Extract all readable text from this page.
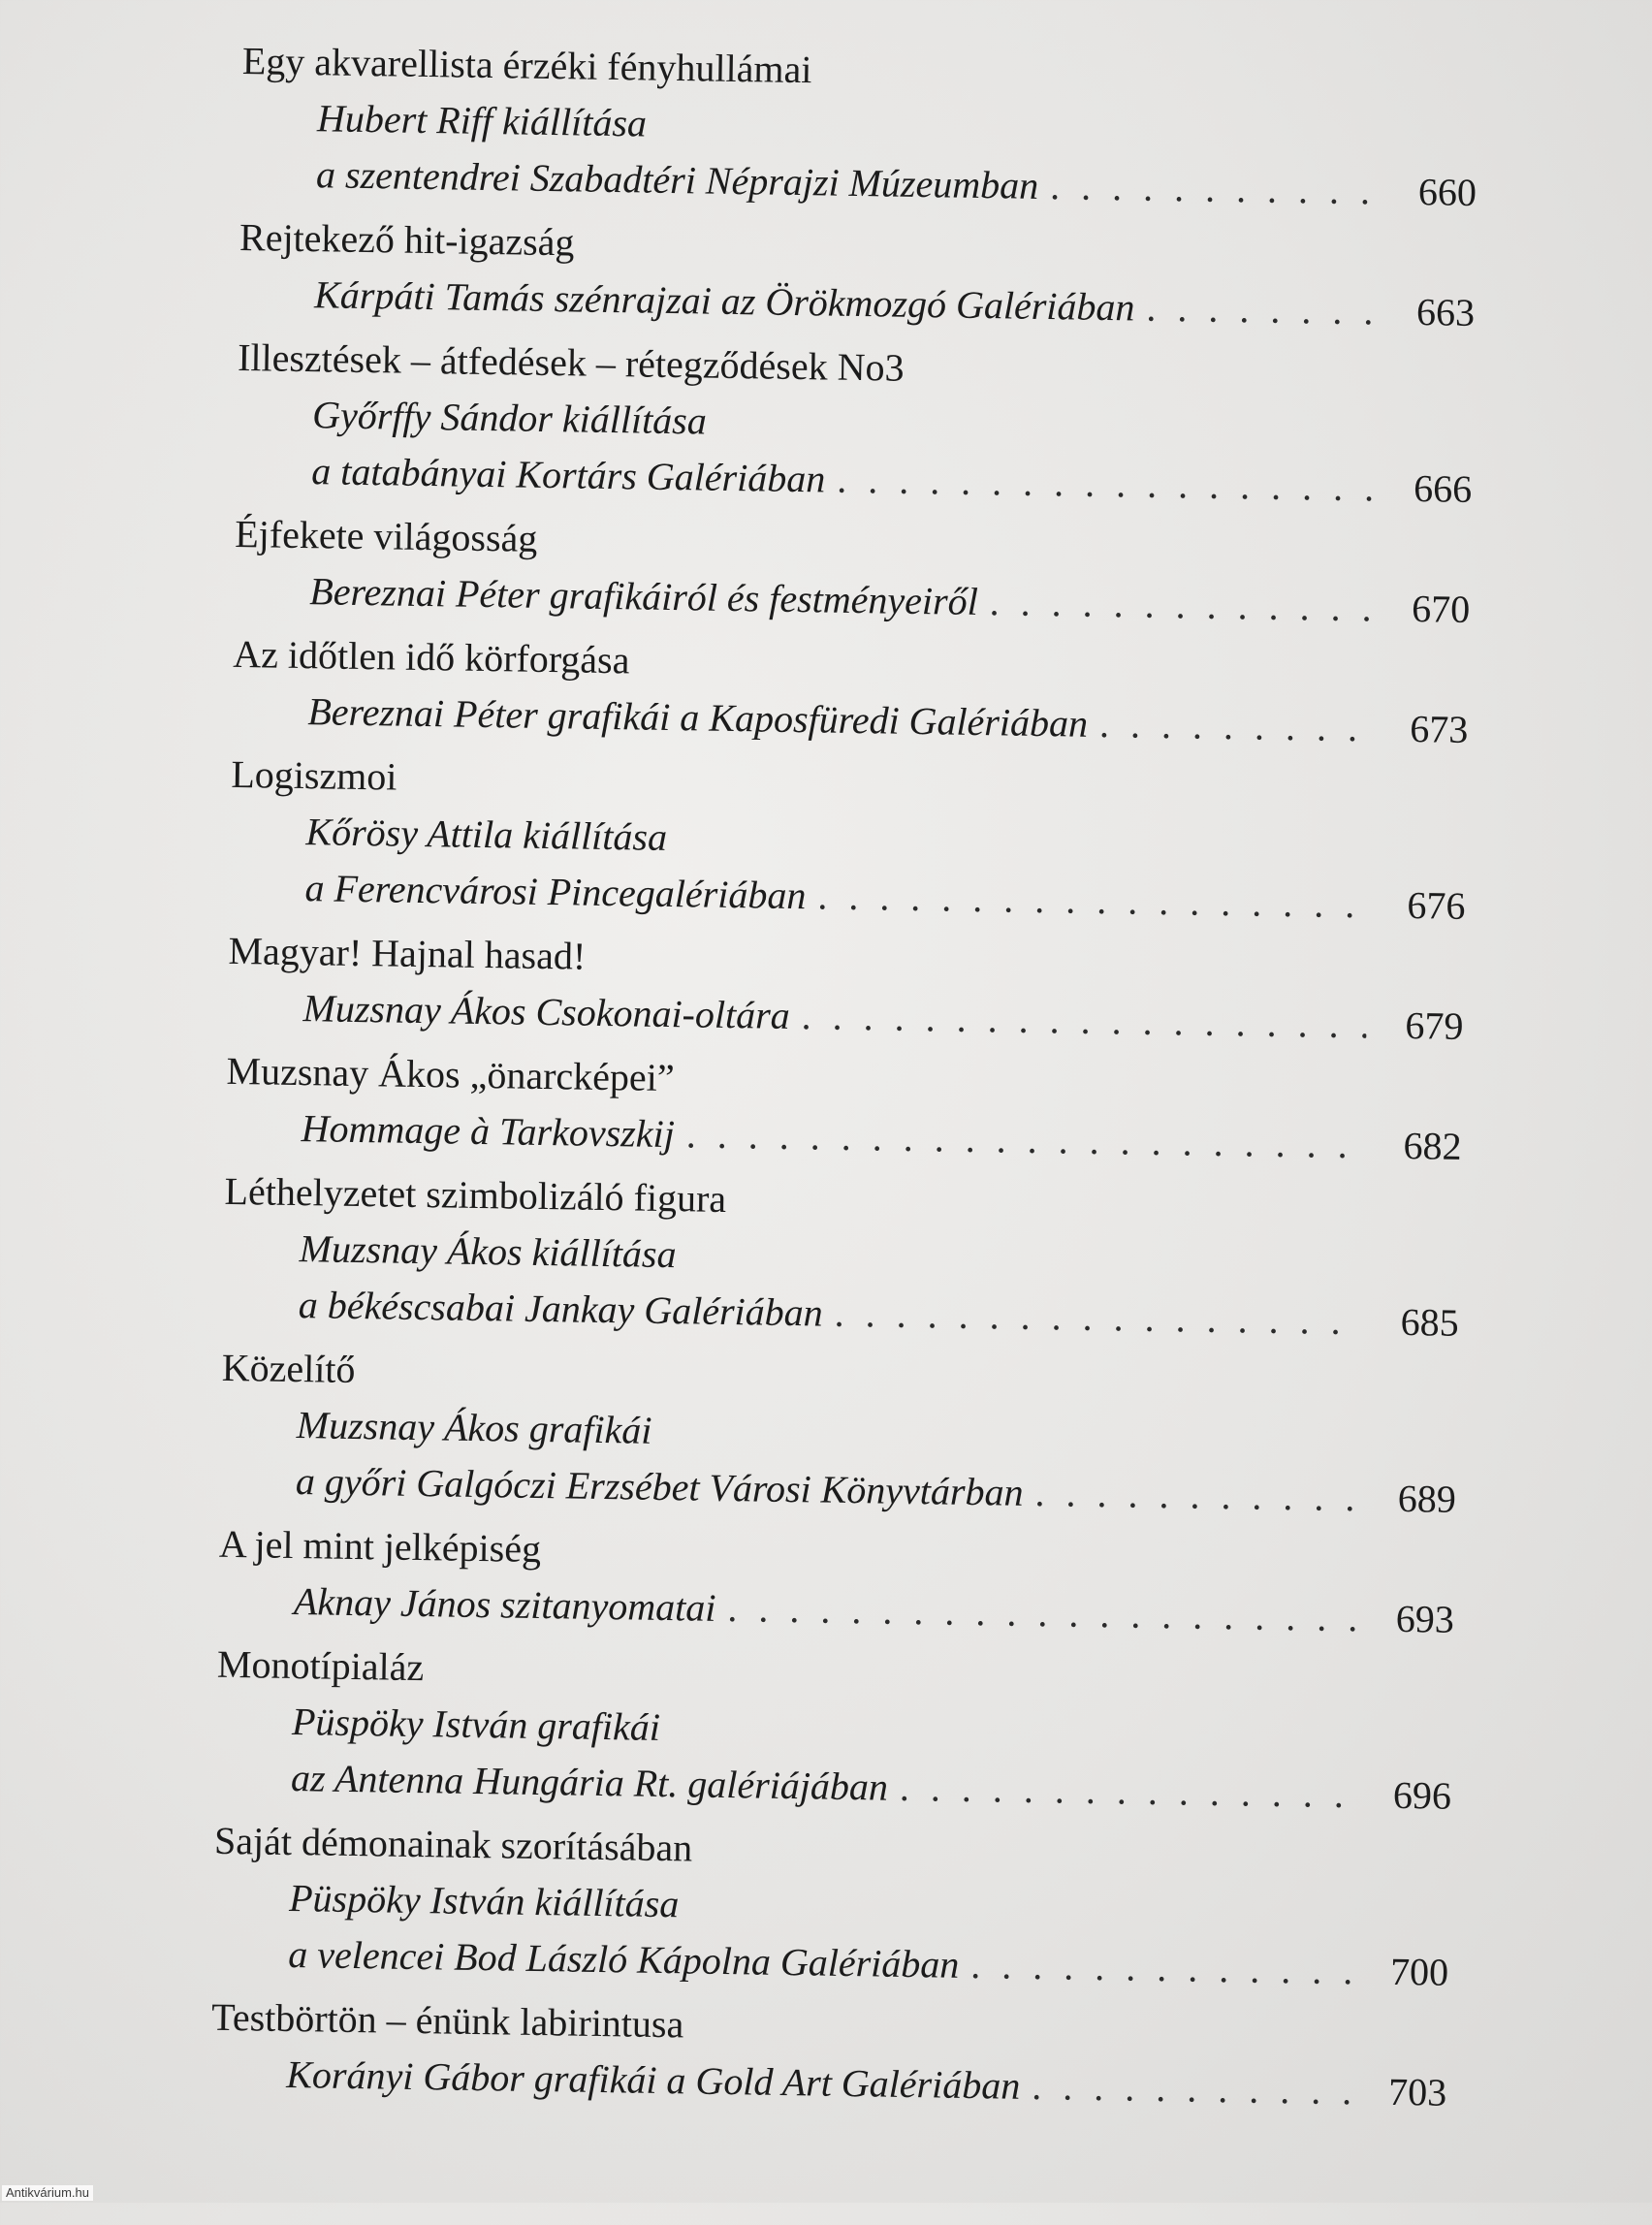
Egy akvarellista érzéki fényhullámai
Hubert Riff kiállítása
a szentendrei Szabadtéri Néprajzi Múzeumban . . .	660
Rejtekező hit-igazság
Kárpáti Tamás szénrajzai az Örökmozgó Galériában . . .	663
Illesztések – átfedések – rétegződések No3
Győrffy Sándor kiállítása
a tatabányai Kortárs Galériában . . .	666
Éjfekete világosság
Bereznai Péter grafikáiról és festményeiről . . .	670
Az időtlen idő körforgása
Bereznai Péter grafikái a Kaposfüredi Galériában . . .	673
Logiszmoi
Kőrösy Attila kiállítása
a Ferencvárosi Pincegalériában . . .	676
Magyar! Hajnal hasad!
Muzsnay Ákos Csokonai-oltára . . .	679
Muzsnay Ákos „önarcképei”
Hommage à Tarkovszkij . . .	682
Léthelyzetet szimbolizáló figura
Muzsnay Ákos kiállítása
a békéscsabai Jankay Galériában . . .	685
Közelítő
Muzsnay Ákos grafikái
a győri Galgóczi Erzsébet Városi Könyvtárban . . .	689
A jel mint jelképiség
Aknay János szitanyomatai . . .	693
Monotípialáz
Püspöky István grafikái
az Antenna Hungária Rt. galériájában . . .	696
Saját démonainak szorításában
Püspöky István kiállítása
a velencei Bod László Kápolna Galériában . . .	700
Testbörtön – énünk labirintusa
Korányi Gábor grafikái a Gold Art Galériában . . .	703
Antikvárium.hu
